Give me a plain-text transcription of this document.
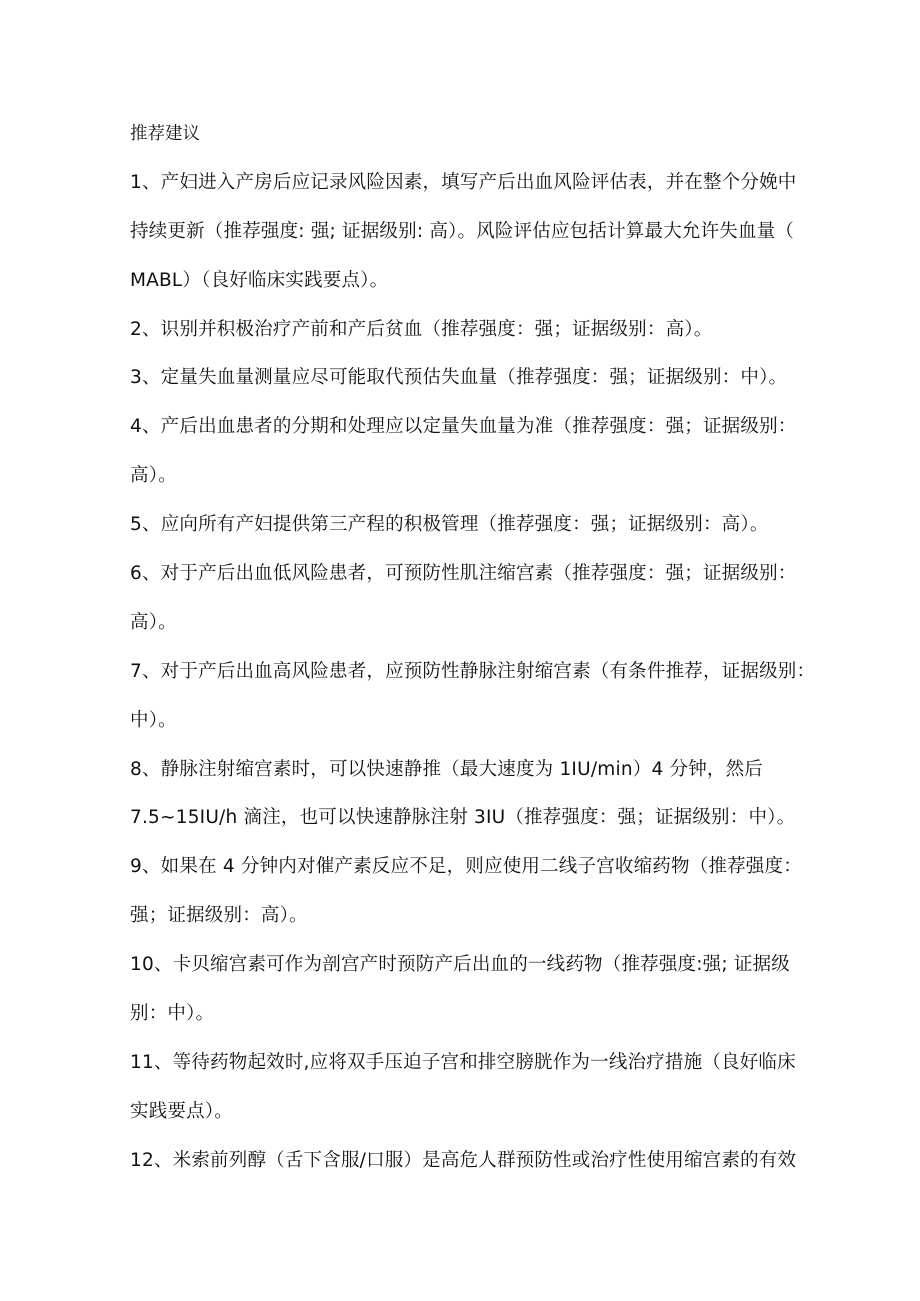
推荐建议
1、产妇进入产房后应记录风险因素，填写产后出血风险评估表，并在整个分娩中
持续更新（推荐强度: 强; 证据级别: 高）。风险评估应包括计算最大允许失血量（
MABL）（良好临床实践要点）。
2、识别并积极治疗产前和产后贫血（推荐强度：强；证据级别：高）。
3、定量失血量测量应尽可能取代预估失血量（推荐强度：强；证据级别：中）。
4、产后出血患者的分期和处理应以定量失血量为准（推荐强度：强；证据级别：
高）。
5、应向所有产妇提供第三产程的积极管理（推荐强度：强；证据级别：高）。
6、对于产后出血低风险患者，可预防性肌注缩宫素（推荐强度：强；证据级别：
高）。
7、对于产后出血高风险患者，应预防性静脉注射缩宫素（有条件推荐，证据级别：
中）。
8、静脉注射缩宫素时，可以快速静推（最大速度为 1IU/min）4 分钟，然后
7.5~15IU/h 滴注，也可以快速静脉注射 3IU（推荐强度：强；证据级别：中）。
9、如果在 4 分钟内对催产素反应不足，则应使用二线子宫收缩药物（推荐强度：
强；证据级别：高）。
10、卡贝缩宫素可作为剖宫产时预防产后出血的一线药物（推荐强度:强; 证据级
别：中）。
11、等待药物起效时,应将双手压迫子宫和排空膀胱作为一线治疗措施（良好临床
实践要点）。
12、米索前列醇（舌下含服/口服）是高危人群预防性或治疗性使用缩宫素的有效
